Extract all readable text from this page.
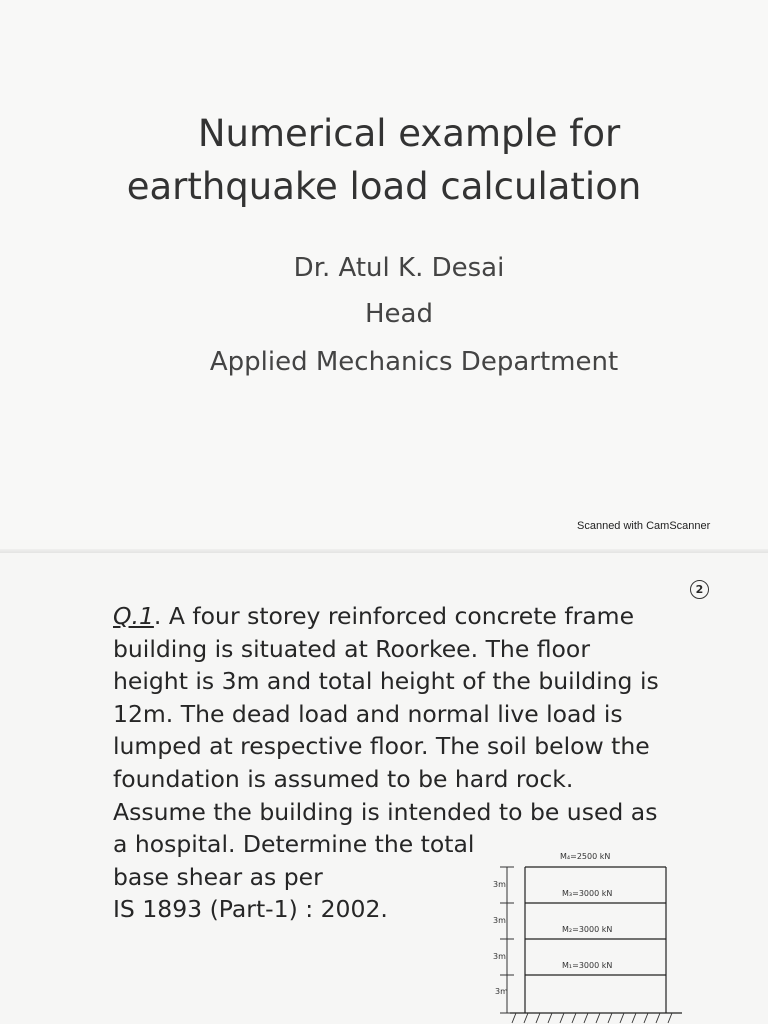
Numerical example for
earthquake load calculation
Dr. Atul K. Desai
Head
Applied Mechanics Department
Scanned with CamScanner
2
Q.1. A four storey reinforced concrete frame
building is situated at Roorkee. The floor
height is 3m and total height of the building is
12m. The dead load and normal live load is
lumped at respective floor. The soil below the
foundation is assumed to be hard rock.
Assume the building is intended to be used as
a hospital. Determine the total
base shear as per
IS 1893 (Part-1) : 2002.
3m
3m
3m
3m
M₄=2500 kN
M₃=3000 kN
M₂=3000 kN
M₁=3000 kN
